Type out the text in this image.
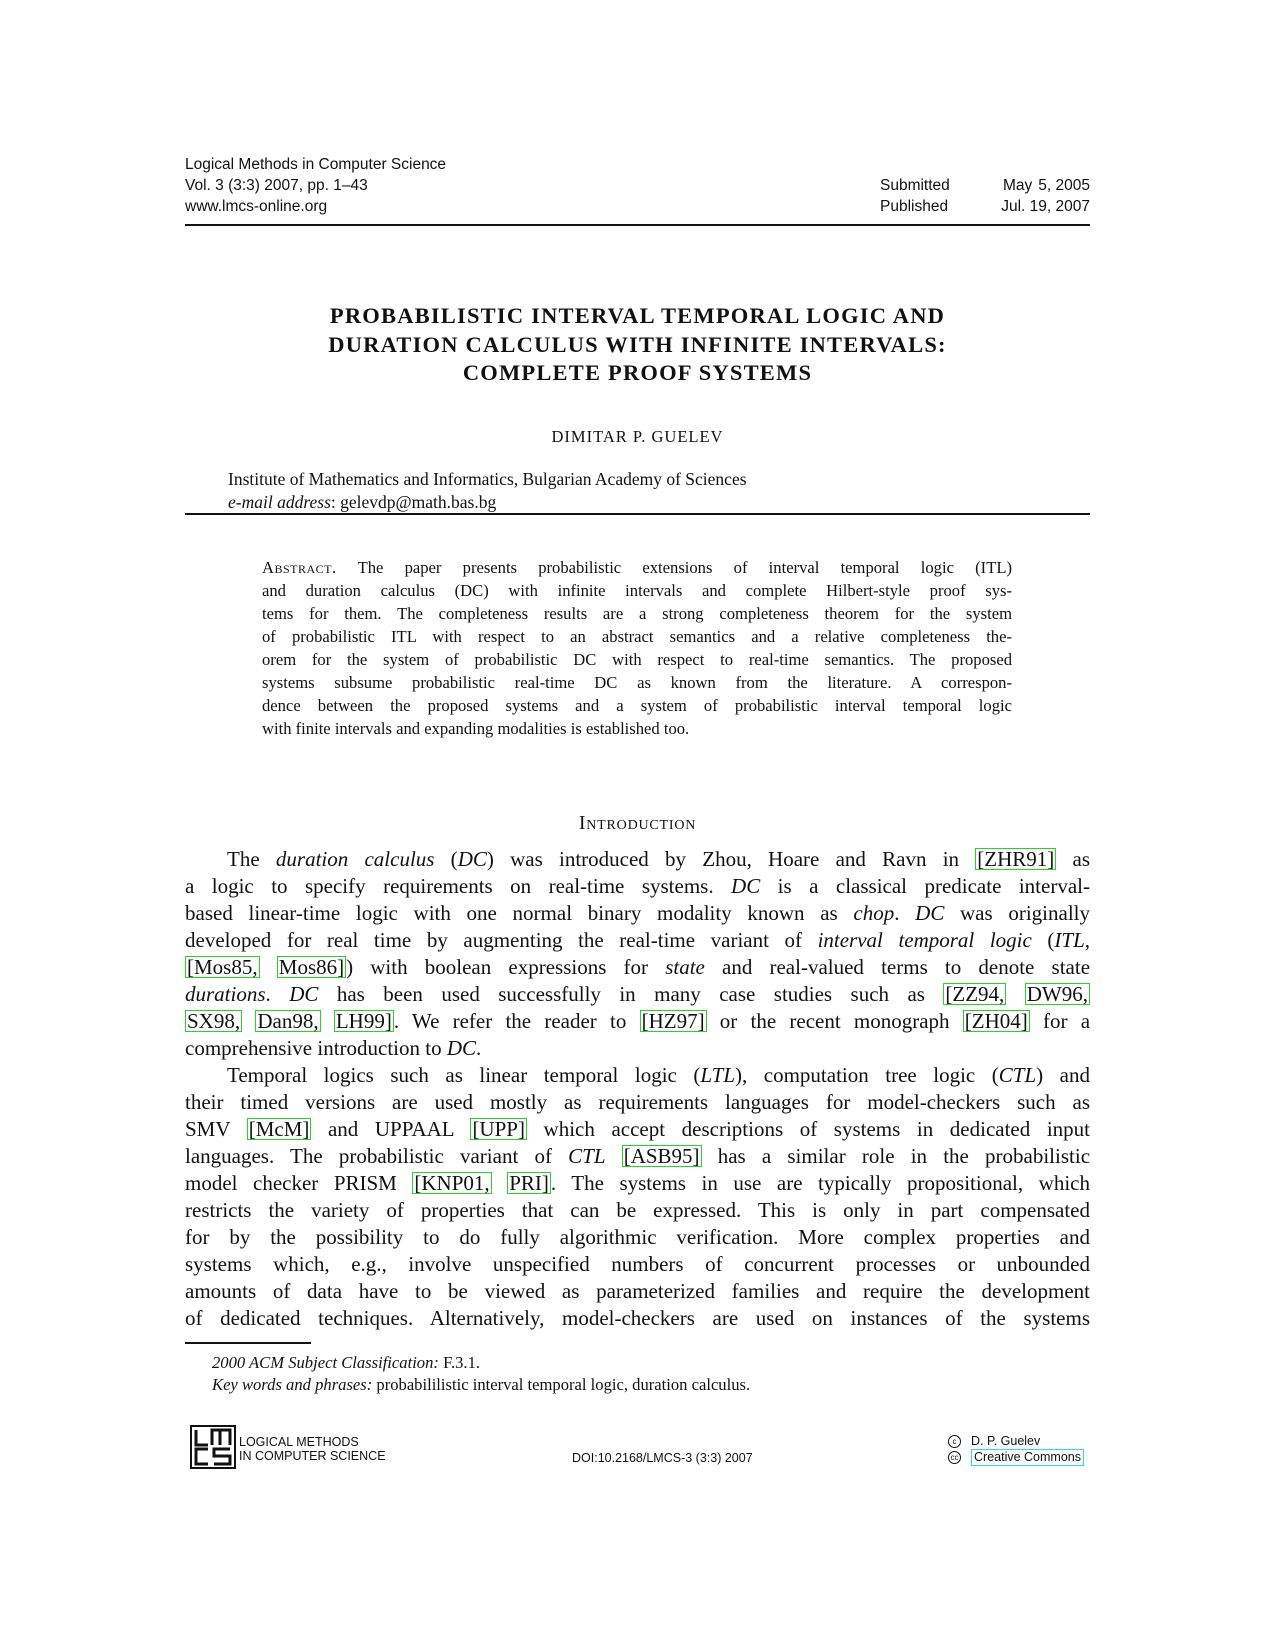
Logical Methods in Computer Science
Vol. 3 (3:3) 2007, pp. 1–43
www.lmcs-online.org
Submitted	May 5, 2005
Published	Jul. 19, 2007
PROBABILISTIC INTERVAL TEMPORAL LOGIC AND
DURATION CALCULUS WITH INFINITE INTERVALS:
COMPLETE PROOF SYSTEMS
DIMITAR P. GUELEV
Institute of Mathematics and Informatics, Bulgarian Academy of Sciences
e-mail address: gelevdp@math.bas.bg
Abstract. The paper presents probabilistic extensions of interval temporal logic (ITL)
and duration calculus (DC) with infinite intervals and complete Hilbert-style proof sys-
tems for them. The completeness results are a strong completeness theorem for the system
of probabilistic ITL with respect to an abstract semantics and a relative completeness the-
orem for the system of probabilistic DC with respect to real-time semantics. The proposed
systems subsume probabilistic real-time DC as known from the literature. A correspon-
dence between the proposed systems and a system of probabilistic interval temporal logic
with finite intervals and expanding modalities is established too.
Introduction
The duration calculus (DC) was introduced by Zhou, Hoare and Ravn in [ZHR91] as
a logic to specify requirements on real-time systems. DC is a classical predicate interval-
based linear-time logic with one normal binary modality known as chop. DC was originally
developed for real time by augmenting the real-time variant of interval temporal logic (ITL,
[Mos85, Mos86]) with boolean expressions for state and real-valued terms to denote state
durations. DC has been used successfully in many case studies such as [ZZ94, DW96,
SX98, Dan98, LH99]. We refer the reader to [HZ97] or the recent monograph [ZH04] for a
comprehensive introduction to DC.
Temporal logics such as linear temporal logic (LTL), computation tree logic (CTL) and
their timed versions are used mostly as requirements languages for model-checkers such as
SMV [McM] and UPPAAL [UPP] which accept descriptions of systems in dedicated input
languages. The probabilistic variant of CTL [ASB95] has a similar role in the probabilistic
model checker PRISM [KNP01, PRI]. The systems in use are typically propositional, which
restricts the variety of properties that can be expressed. This is only in part compensated
for by the possibility to do fully algorithmic verification. More complex properties and
systems which, e.g., involve unspecified numbers of concurrent processes or unbounded
amounts of data have to be viewed as parameterized families and require the development
of dedicated techniques. Alternatively, model-checkers are used on instances of the systems
2000 ACM Subject Classification: F.3.1.
Key words and phrases: probabililistic interval temporal logic, duration calculus.
LOGICAL METHODS
IN COMPUTER SCIENCE	DOI:10.2168/LMCS-3 (3:3) 2007
c	D. P. Guelev
cc Creative Commons
